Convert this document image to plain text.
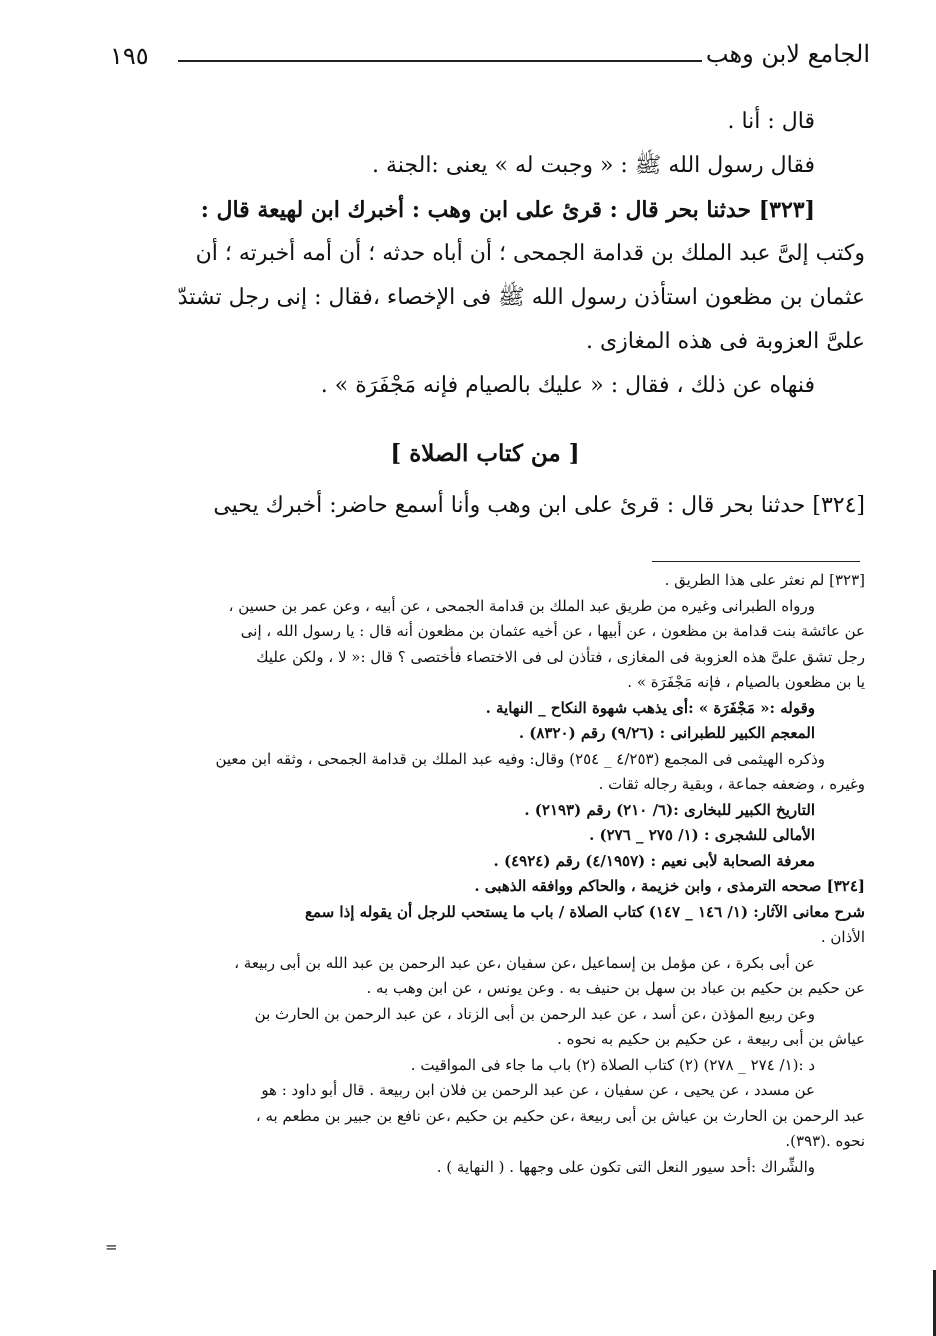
الجامع لابن وهب
١٩٥
قال : أنا .
فقال رسول الله ﷺ : « وجبت له » يعنى :الجنة .
[٣٢٣] حدثنا بحر قال : قرئ على ابن وهب : أخبرك ابن لهيعة قال :
وكتب إلىَّ عبد الملك بن قدامة الجمحى ؛ أن أباه حدثه ؛ أن أمه أخبرته ؛ أن
عثمان بن مظعون استأذن رسول الله ﷺ فى الإخصاء ،فقال : إنى رجل تشتدّ
علىَّ العزوبة فى هذه المغازى .
فنهاه عن ذلك ، فقال : « عليك بالصيام فإنه مَجْفَرَة » .
[ من كتاب الصلاة ]
[٣٢٤] حدثنا بحر قال : قرئ على ابن وهب وأنا أسمع حاضر: أخبرك يحيى
[٣٢٣] لم نعثر على هذا الطريق .
ورواه الطبرانى وغيره من طريق عبد الملك بن قدامة الجمحى ، عن أبيه ، وعن عمر بن حسين ،
عن عائشة بنت قدامة بن مظعون ، عن أبيها ، عن أخيه عثمان بن مظعون أنه قال : يا رسول الله ، إنى
رجل تشق علىَّ هذه العزوبة فى المغازى ، فتأذن لى فى الاختصاء فأختصى ؟ قال :« لا ، ولكن عليك
يا بن مظعون بالصيام ، فإنه مَجْفَرَة » .
وقوله :« مَجْفَرَة » :أى يذهب شهوة النكاح _ النهاية .
المعجم الكبير للطبرانى : (٩/٢٦) رقم (٨٣٢٠) .
وذكره الهيثمى فى المجمع (٤/٢٥٣ _ ٢٥٤) وقال: وفيه عبد الملك بن قدامة الجمحى ، وثقه ابن معين
وغيره ، وضعفه جماعة ، وبقية رجاله ثقات .
التاريخ الكبير للبخارى :(٦/ ٢١٠) رقم (٢١٩٣) .
الأمالى للشجرى : (١/ ٢٧٥ _ ٢٧٦) .
معرفة الصحابة لأبى نعيم : (٤/١٩٥٧) رقم (٤٩٢٤) .
[٣٢٤] صححه الترمذى ، وابن خزيمة ، والحاكم ووافقه الذهبى .
شرح معانى الآثار: (١/ ١٤٦ _ ١٤٧) كتاب الصلاة / باب ما يستحب للرجل أن يقوله إذا سمع
الأذان .
عن أبى بكرة ، عن مؤمل بن إسماعيل ،عن سفيان ،عن عبد الرحمن بن عبد الله بن أبى ربيعة ،
عن حكيم بن حكيم بن عباد بن سهل بن حنيف به . وعن يونس ، عن ابن وهب به .
وعن ربيع المؤذن ،عن أسد ، عن عبد الرحمن بن أبى الزناد ، عن عبد الرحمن بن الحارث بن
عياش بن أبى ربيعة ، عن حكيم بن حكيم به نحوه .
د :(١/ ٢٧٤ _ ٢٧٨) (٢) كتاب الصلاة (٢) باب ما جاء فى المواقيت .
عن مسدد ، عن يحيى ، عن سفيان ، عن عبد الرحمن بن فلان ابن ربيعة . قال أبو داود : هو
عبد الرحمن بن الحارث بن عياش بن أبى ربيعة ،عن حكيم بن حكيم ،عن نافع بن جبير بن مطعم به ،
نحوه .(٣٩٣).
والشِّراك :أحد سيور النعل التى تكون على وجهها . ( النهاية ) .
=
